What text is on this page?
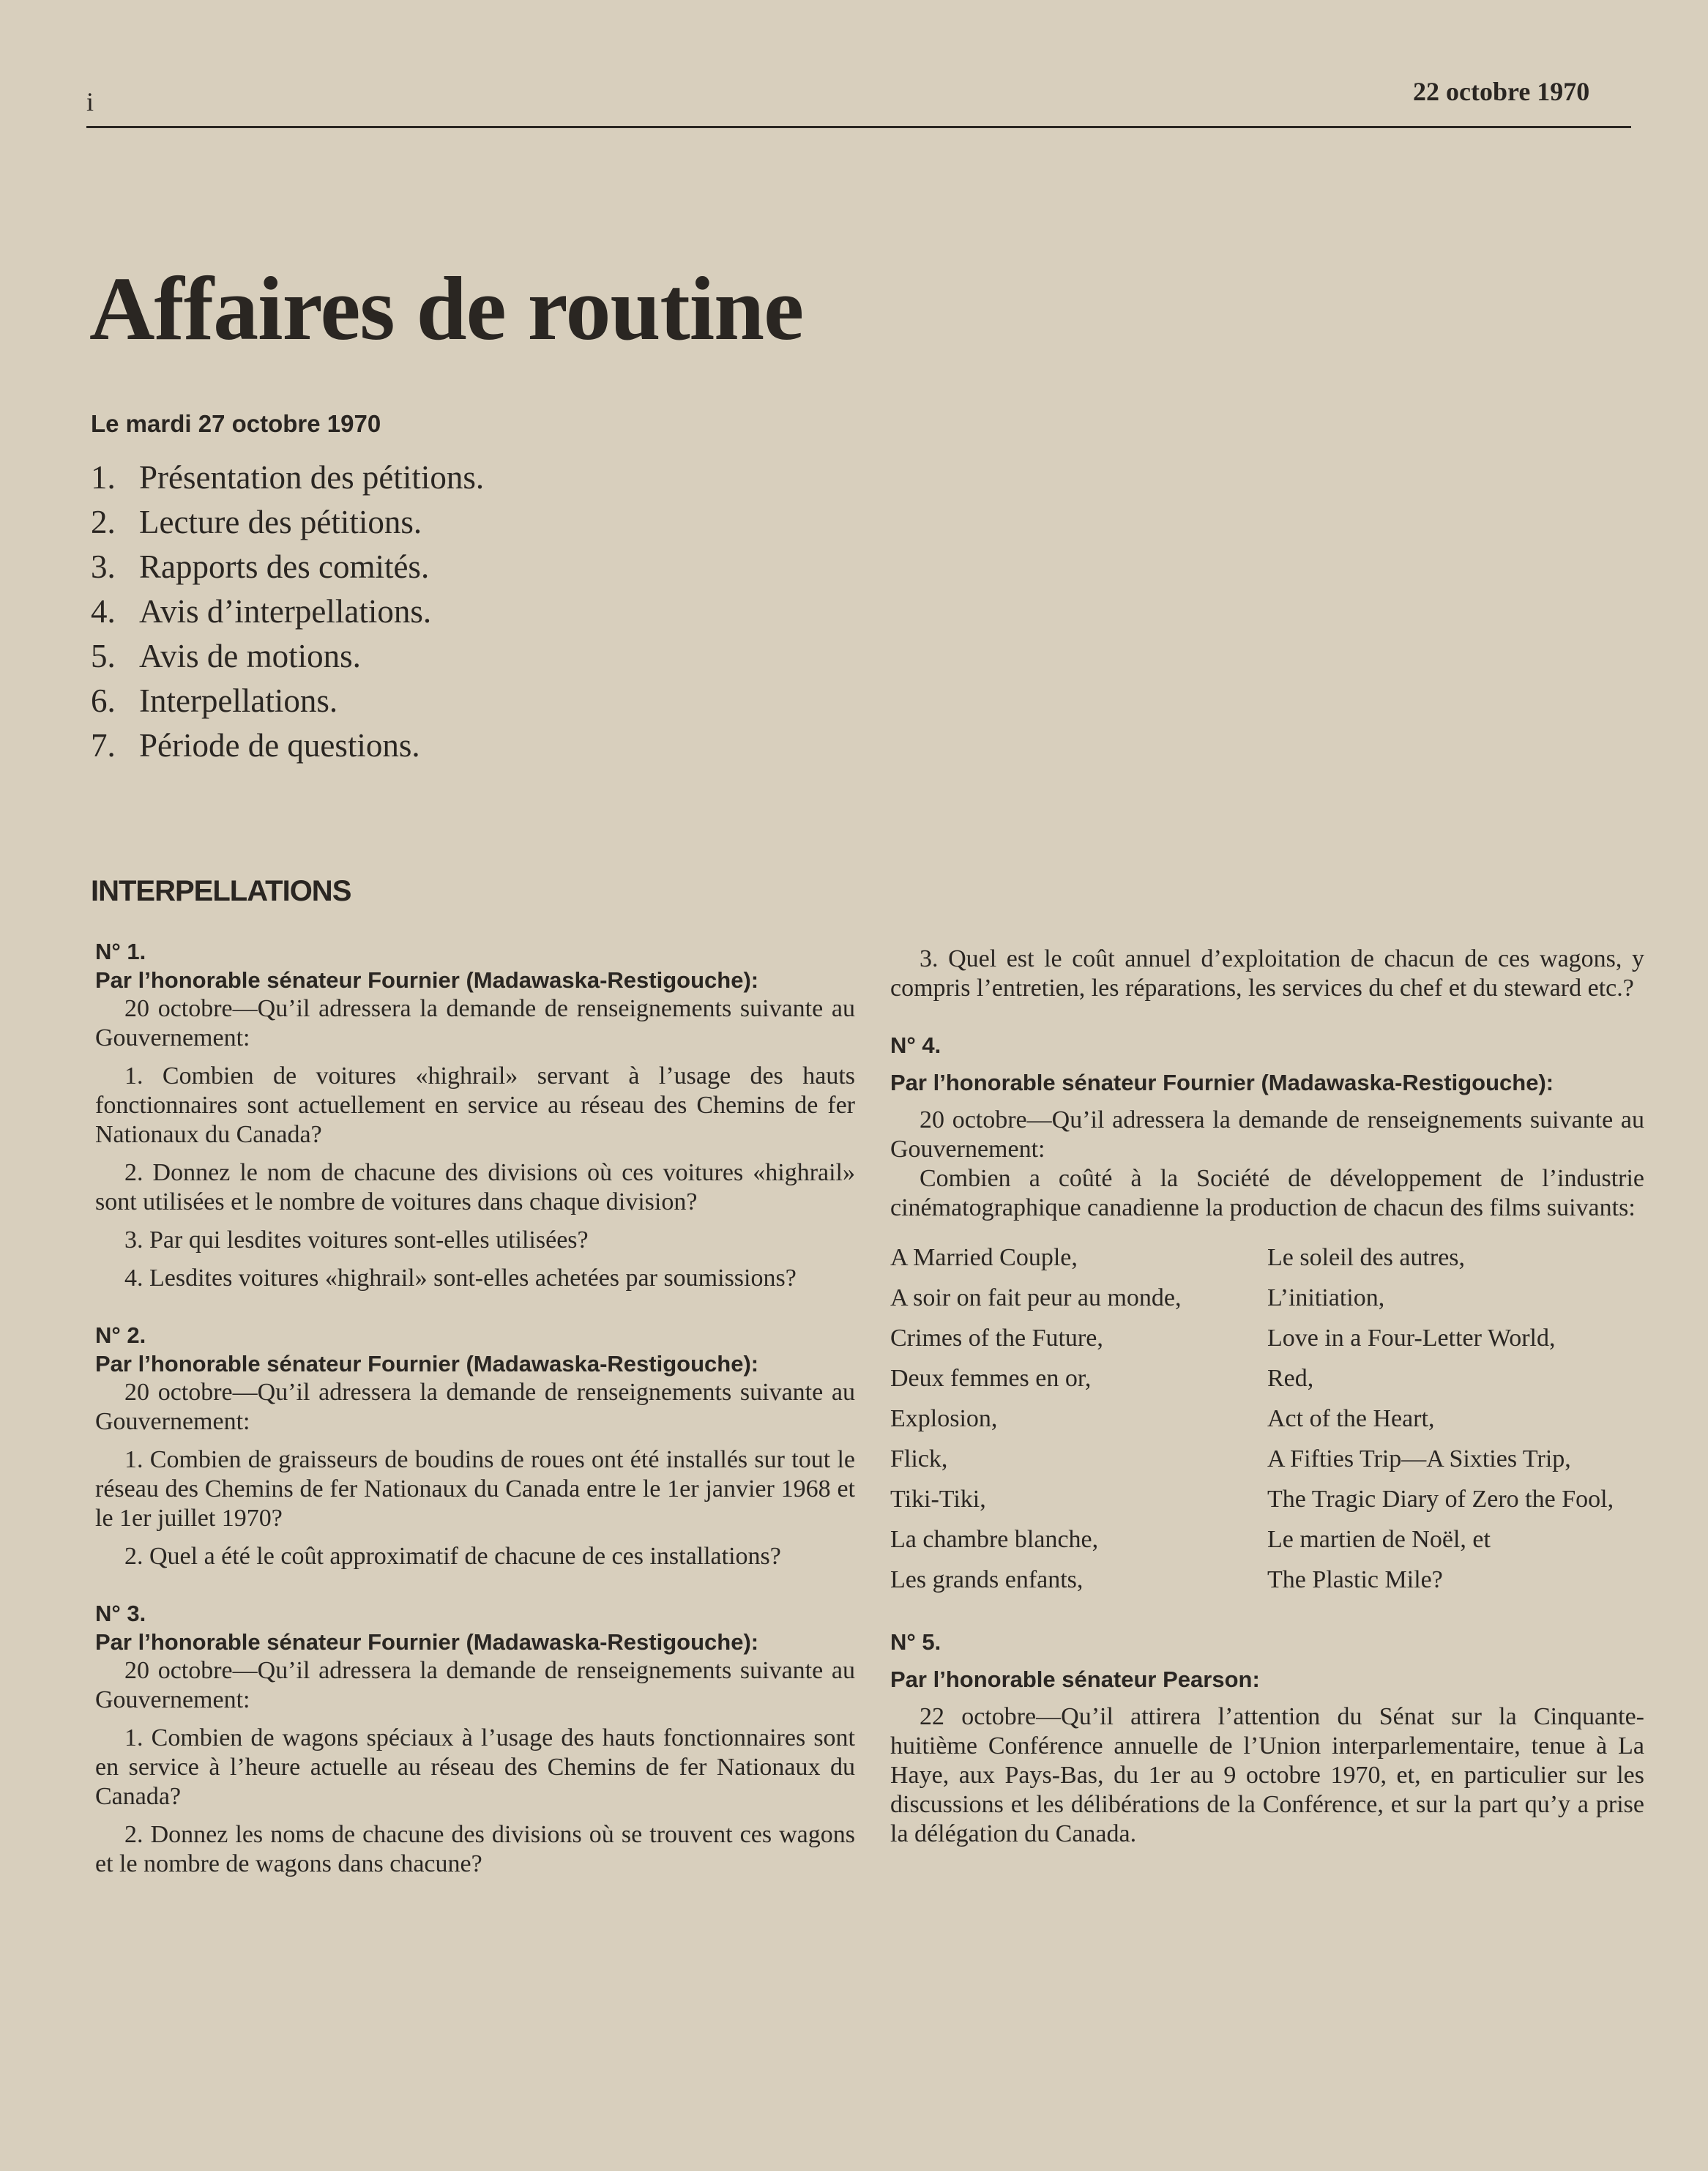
i	22 octobre 1970
Affaires de routine
Le mardi 27 octobre 1970
1. Présentation des pétitions.
2. Lecture des pétitions.
3. Rapports des comités.
4. Avis d’interpellations.
5. Avis de motions.
6. Interpellations.
7. Période de questions.
INTERPELLATIONS

N° 1.

Par l’honorable sénateur Fournier (Madawaska-Restigouche):

20 octobre—Qu’il adressera la demande de renseignements suivante au Gouvernement:

1. Combien de voitures «highrail» servant à l’usage des hauts fonctionnaires sont actuellement en service au réseau des Chemins de fer Nationaux du Canada?

2. Donnez le nom de chacune des divisions où ces voitures «highrail» sont utilisées et le nombre de voitures dans chaque division?

3. Par qui lesdites voitures sont-elles utilisées?

4. Lesdites voitures «highrail» sont-elles achetées par soumissions?

N° 2.

Par l’honorable sénateur Fournier (Madawaska-Restigouche):

20 octobre—Qu’il adressera la demande de renseignements suivante au Gouvernement:

1. Combien de graisseurs de boudins de roues ont été installés sur tout le réseau des Chemins de fer Nationaux du Canada entre le 1er janvier 1968 et le 1er juillet 1970?

2. Quel a été le coût approximatif de chacune de ces installations?

N° 3.

Par l’honorable sénateur Fournier (Madawaska-Restigouche):

20 octobre—Qu’il adressera la demande de renseignements suivante au Gouvernement:

1. Combien de wagons spéciaux à l’usage des hauts fonctionnaires sont en service à l’heure actuelle au réseau des Chemins de fer Nationaux du Canada?

2. Donnez les noms de chacune des divisions où se trouvent ces wagons et le nombre de wagons dans chacune?

3. Quel est le coût annuel d’exploitation de chacun de ces wagons, y compris l’entretien, les réparations, les services du chef et du steward etc.?

N° 4.

Par l’honorable sénateur Fournier (Madawaska-Restigouche):

20 octobre—Qu’il adressera la demande de renseignements suivante au Gouvernement:

Combien a coûté à la Société de développement de l’industrie cinématographique canadienne la production de chacun des films suivants:

A Married Couple,
A soir on fait peur au monde,
Crimes of the Future,
Deux femmes en or,
Explosion,
Flick,
Tiki-Tiki,
La chambre blanche,
Les grands enfants,
Le soleil des autres,
L’initiation,
Love in a Four-Letter World,
Red,
Act of the Heart,
A Fifties Trip—A Sixties Trip,
The Tragic Diary of Zero the Fool,
Le martien de Noël, et
The Plastic Mile?

N° 5.

Par l’honorable sénateur Pearson:

22 octobre—Qu’il attirera l’attention du Sénat sur la Cinquante-huitième Conférence annuelle de l’Union interparlementaire, tenue à La Haye, aux Pays-Bas, du 1er au 9 octobre 1970, et, en particulier sur les discussions et les délibérations de la Conférence, et sur la part qu’y a prise la délégation du Canada.
